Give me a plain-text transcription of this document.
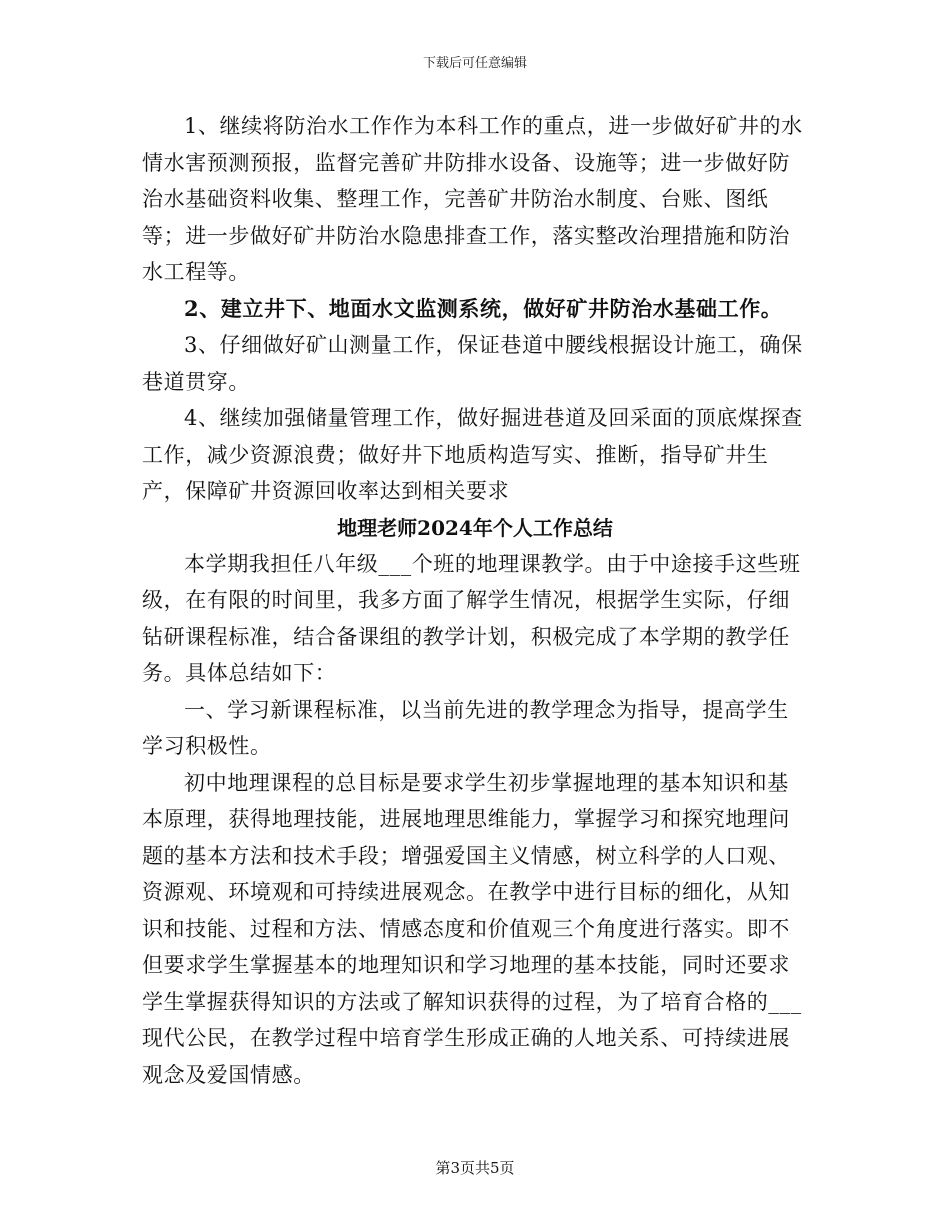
下载后可任意编辑

1、继续将防治水工作作为本科工作的重点，进一步做好矿井的水情水害预测预报，监督完善矿井防排水设备、设施等；进一步做好防治水基础资料收集、整理工作，完善矿井防治水制度、台账、图纸等；进一步做好矿井防治水隐患排查工作，落实整改治理措施和防治水工程等。

2、建立井下、地面水文监测系统，做好矿井防治水基础工作。

3、仔细做好矿山测量工作，保证巷道中腰线根据设计施工，确保巷道贯穿。

4、继续加强储量管理工作，做好掘进巷道及回采面的顶底煤探查工作，减少资源浪费；做好井下地质构造写实、推断，指导矿井生产，保障矿井资源回收率达到相关要求

地理老师2024年个人工作总结

本学期我担任八年级___个班的地理课教学。由于中途接手这些班级，在有限的时间里，我多方面了解学生情况，根据学生实际，仔细钻研课程标准，结合备课组的教学计划，积极完成了本学期的教学任务。具体总结如下：

一、学习新课程标准，以当前先进的教学理念为指导，提高学生学习积极性。

初中地理课程的总目标是要求学生初步掌握地理的基本知识和基本原理，获得地理技能，进展地理思维能力，掌握学习和探究地理问题的基本方法和技术手段；增强爱国主义情感，树立科学的人口观、资源观、环境观和可持续进展观念。在教学中进行目标的细化，从知识和技能、过程和方法、情感态度和价值观三个角度进行落实。即不但要求学生掌握基本的地理知识和学习地理的基本技能，同时还要求学生掌握获得知识的方法或了解知识获得的过程，为了培育合格的___现代公民，在教学过程中培育学生形成正确的人地关系、可持续进展观念及爱国情感。

第3页共5页
